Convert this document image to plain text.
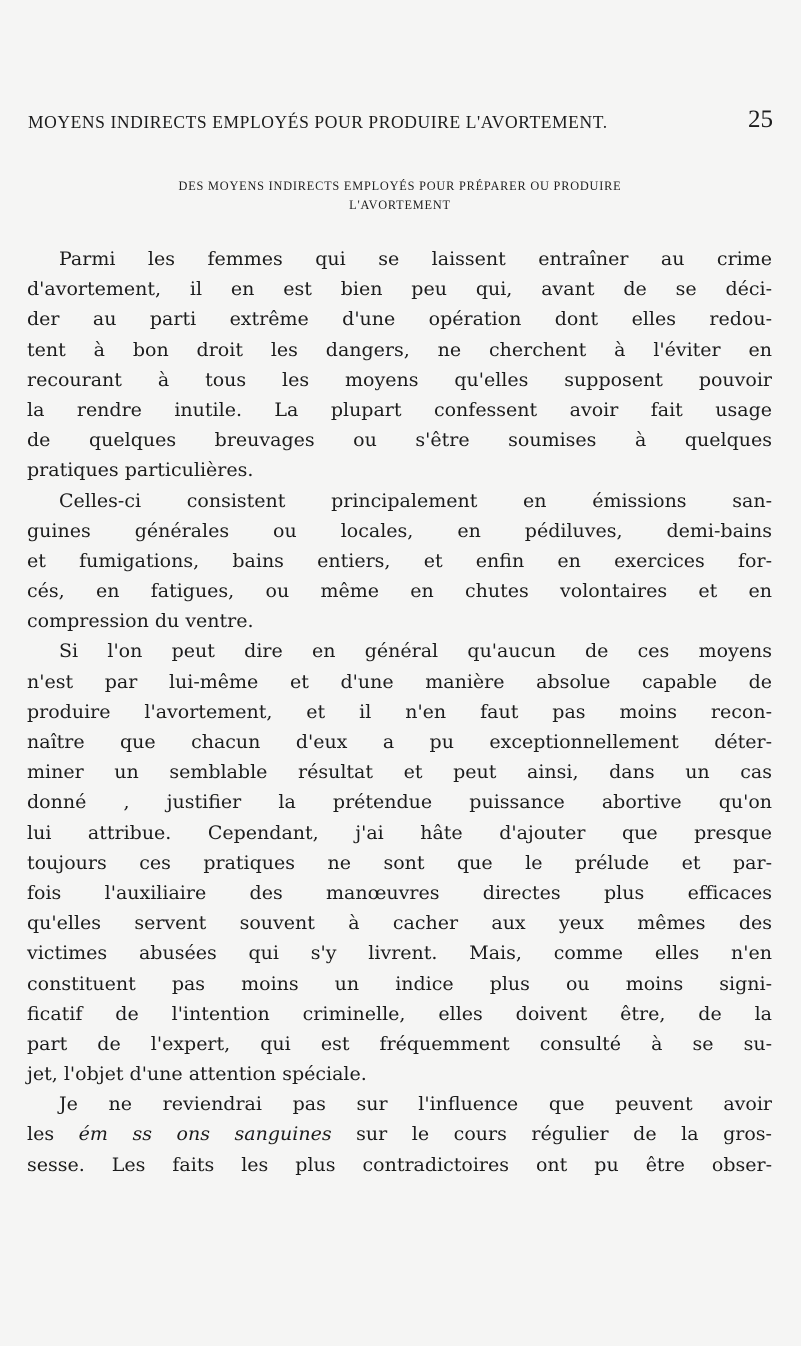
MOYENS INDIRECTS EMPLOYÉS POUR PRODUIRE L'AVORTEMENT.	25
DES MOYENS INDIRECTS EMPLOYÉS POUR PRÉPARER OU PRODUIRE
L'AVORTEMENT
Parmi les femmes qui se laissent entraîner au crime
d'avortement, il en est bien peu qui, avant de se déci-
der au parti extrême d'une opération dont elles redou-
tent à bon droit les dangers, ne cherchent à l'éviter en
recourant à tous les moyens qu'elles supposent pouvoir
la rendre inutile. La plupart confessent avoir fait usage
de quelques breuvages ou s'être soumises à quelques
pratiques particulières.
Celles-ci consistent principalement en émissions san-
guines générales ou locales, en pédiluves, demi-bains
et fumigations, bains entiers, et enfin en exercices for-
cés, en fatigues, ou même en chutes volontaires et en
compression du ventre.
Si l'on peut dire en général qu'aucun de ces moyens
n'est par lui-même et d'une manière absolue capable de
produire l'avortement, et il n'en faut pas moins recon-
naître que chacun d'eux a pu exceptionnellement déter-
miner un semblable résultat et peut ainsi, dans un cas
donné , justifier la prétendue puissance abortive qu'on
lui attribue. Cependant, j'ai hâte d'ajouter que presque
toujours ces pratiques ne sont que le prélude et par-
fois l'auxiliaire des manœuvres directes plus efficaces
qu'elles servent souvent à cacher aux yeux mêmes des
victimes abusées qui s'y livrent. Mais, comme elles n'en
constituent pas moins un indice plus ou moins signi-
ficatif de l'intention criminelle, elles doivent être, de la
part de l'expert, qui est fréquemment consulté à se su-
jet, l'objet d'une attention spéciale.
Je ne reviendrai pas sur l'influence que peuvent avoir
les ém ss ons sanguines sur le cours régulier de la gros-
sesse. Les faits les plus contradictoires ont pu être obser-
